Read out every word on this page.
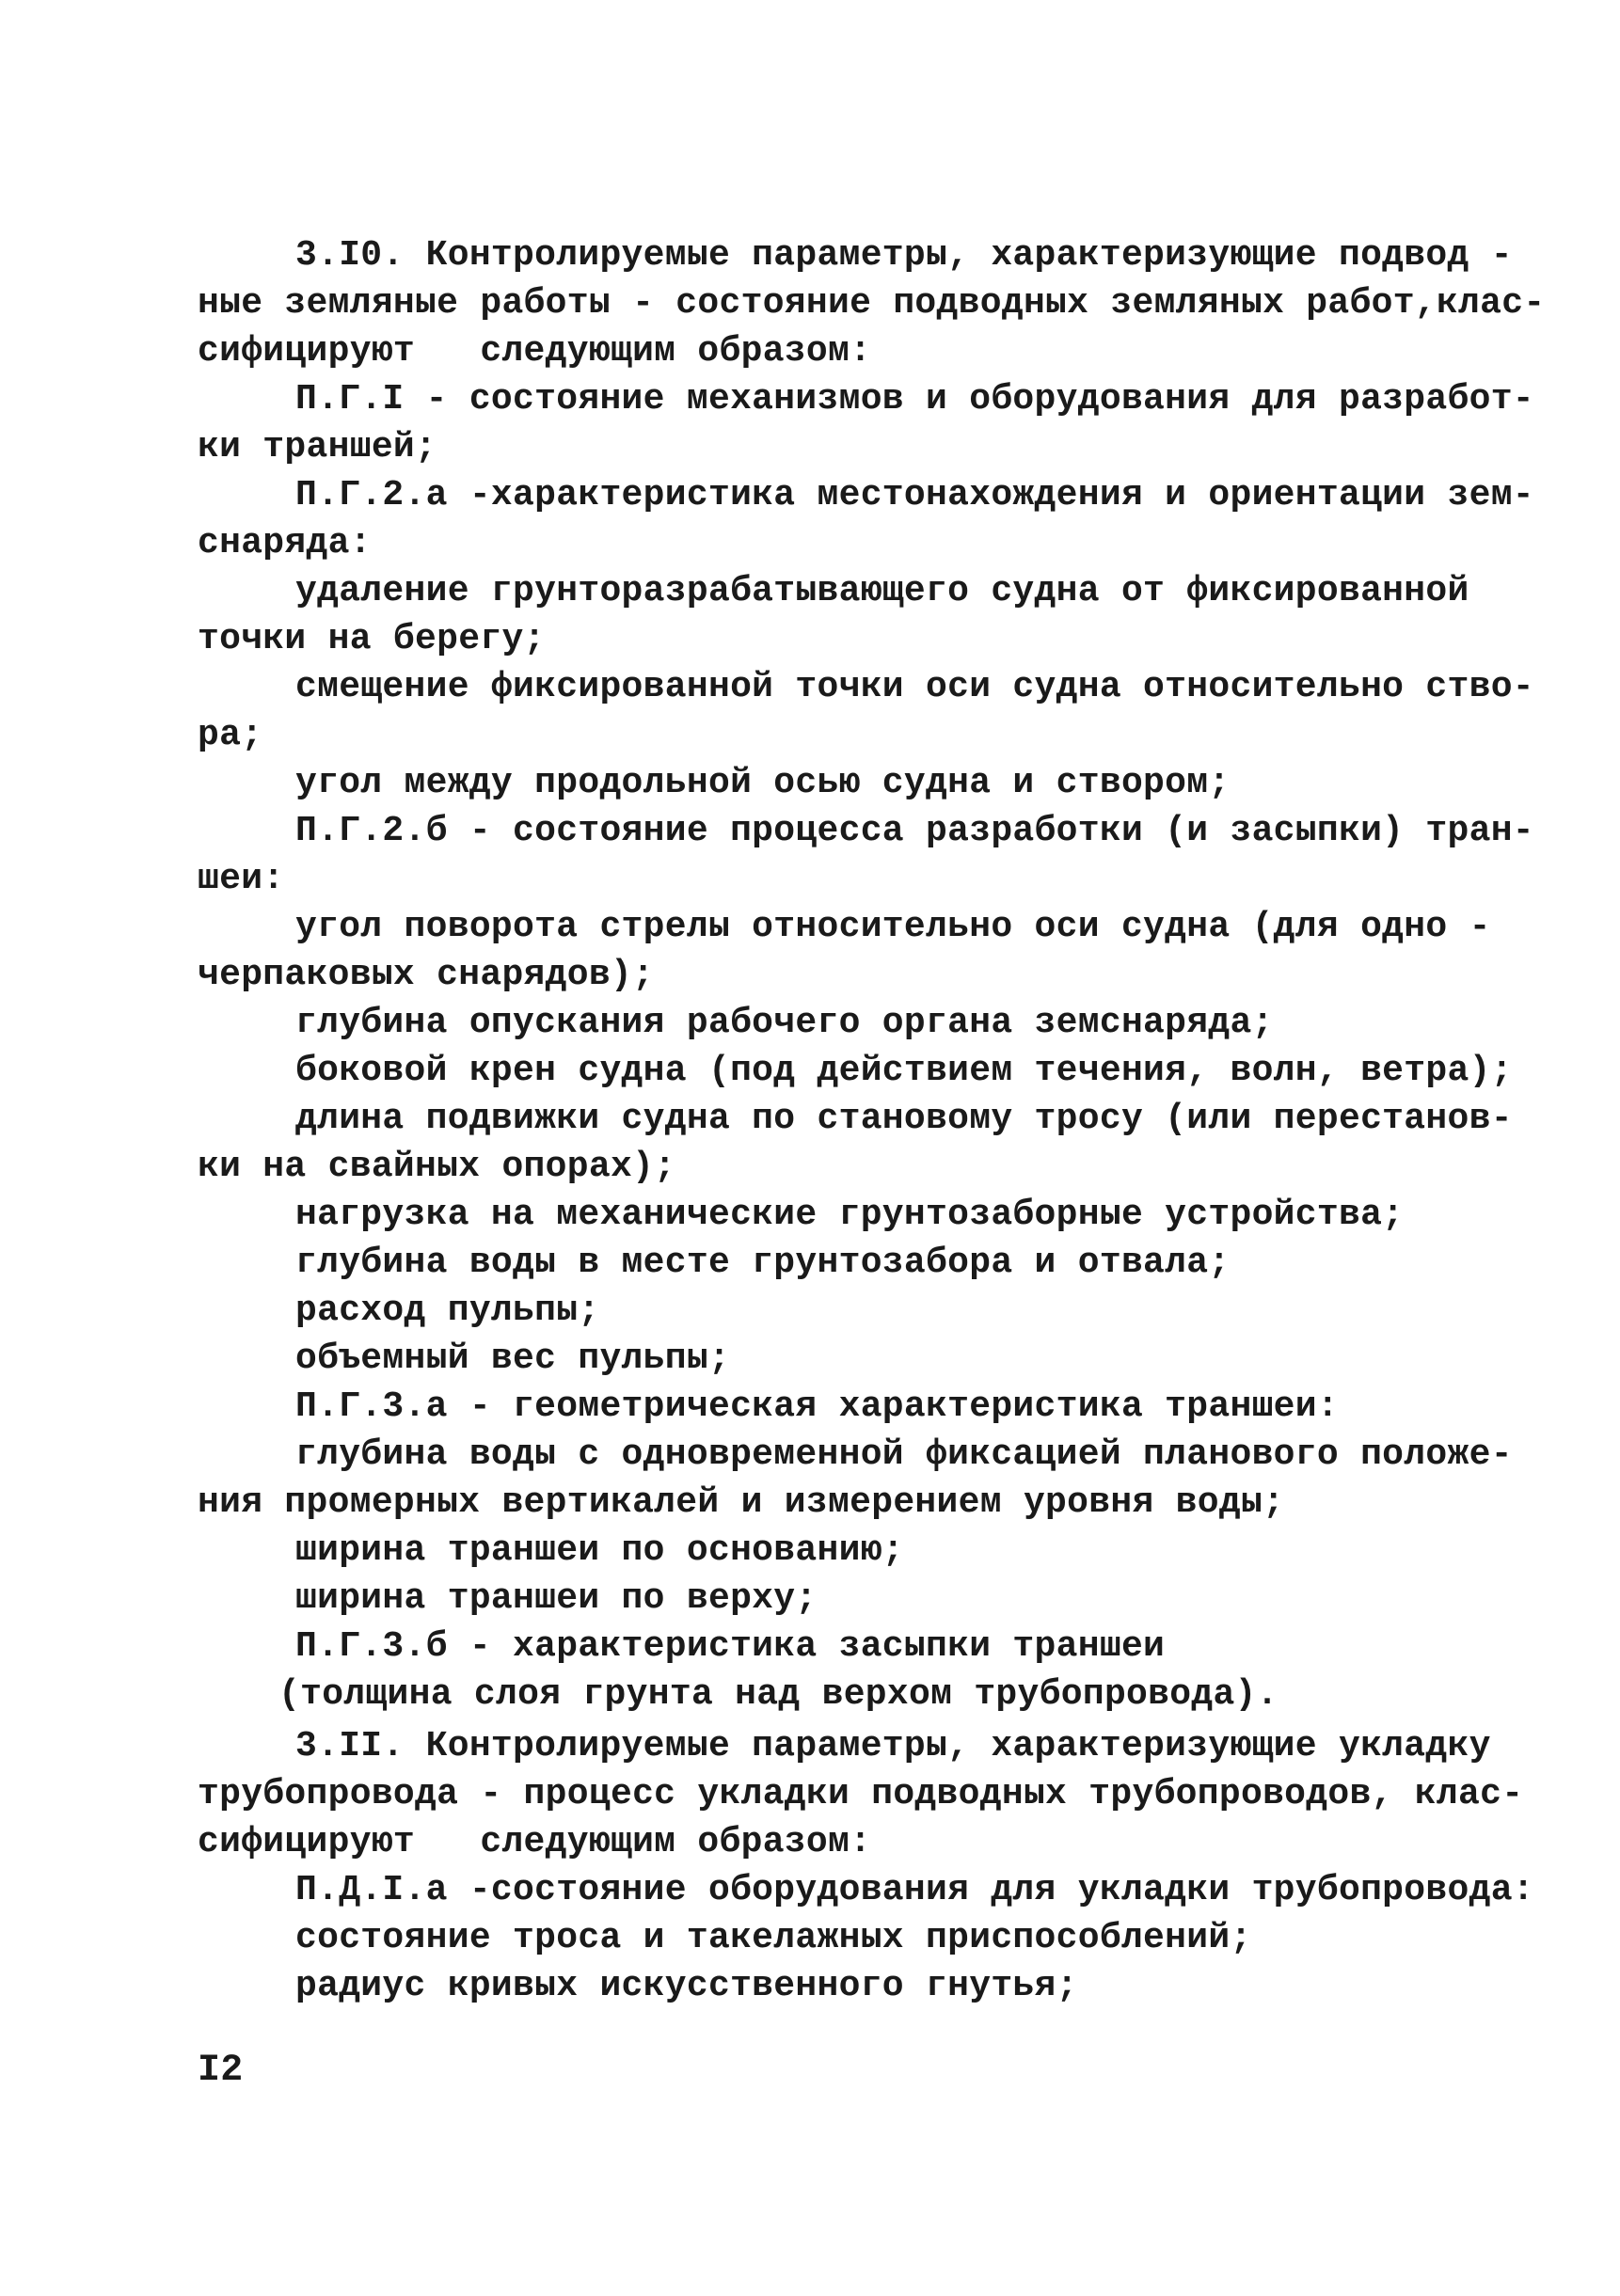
3.I0. Контролируемые параметры, характеризующие подвод -
ные земляные работы - состояние подводных земляных работ,клас-
сифицируют   следующим образом:
П.Г.I - состояние механизмов и оборудования для разработ-
ки траншей;
П.Г.2.а -характеристика местонахождения и ориентации зем-
снаряда:
удаление грунторазрабатывающего судна от фиксированной
точки на берегу;
смещение фиксированной точки оси судна относительно ство-
ра;
угол между продольной осью судна и створом;
П.Г.2.б - состояние процесса разработки (и засыпки) тран-
шеи:
угол поворота стрелы относительно оси судна (для одно -
черпаковых снарядов);
глубина опускания рабочего органа земснаряда;
боковой крен судна (под действием течения, волн, ветра);
длина подвижки судна по становому тросу (или перестанов-
ки на свайных опорах);
нагрузка на механические грунтозаборные устройства;
глубина воды в месте грунтозабора и отвала;
расход пульпы;
объемный вес пульпы;
П.Г.3.а - геометрическая характеристика траншеи:
глубина воды с одновременной фиксацией планового положе-
ния промерных вертикалей и измерением уровня воды;
ширина траншеи по основанию;
ширина траншеи по верху;
П.Г.3.б - характеристика засыпки траншеи
(толщина слоя грунта над верхом трубопровода).
3.II. Контролируемые параметры, характеризующие укладку
трубопровода - процесс укладки подводных трубопроводов, клас-
сифицируют   следующим образом:
П.Д.I.а -состояние оборудования для укладки трубопровода:
состояние троса и такелажных приспособлений;
радиус кривых искусственного гнутья;
I2
